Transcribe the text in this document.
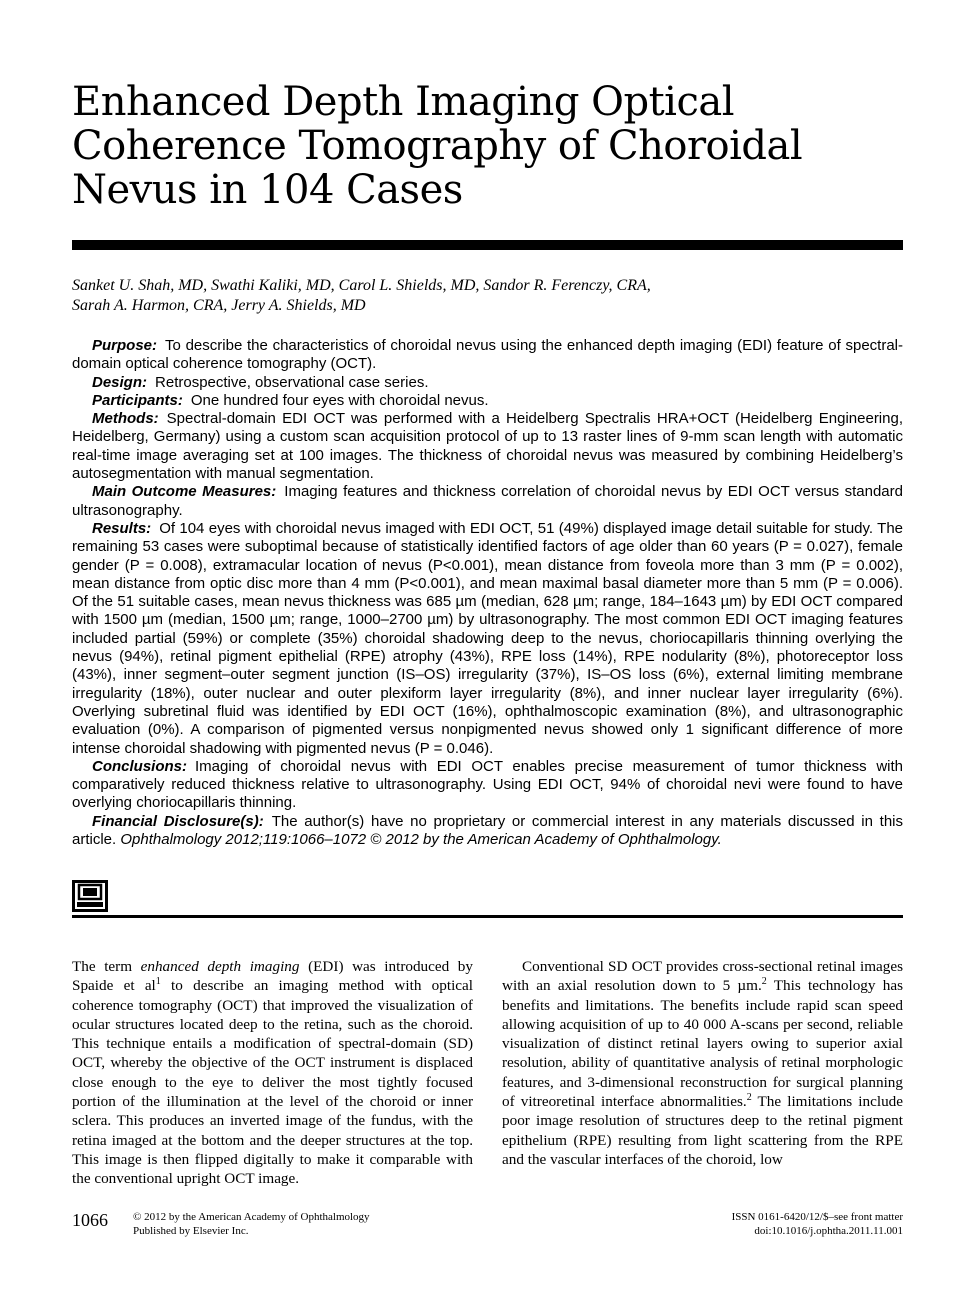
Enhanced Depth Imaging Optical Coherence Tomography of Choroidal Nevus in 104 Cases
Sanket U. Shah, MD, Swathi Kaliki, MD, Carol L. Shields, MD, Sandor R. Ferenczy, CRA,
Sarah A. Harmon, CRA, Jerry A. Shields, MD

Purpose: To describe the characteristics of choroidal nevus using the enhanced depth imaging (EDI) feature of spectral-domain optical coherence tomography (OCT).

Design: Retrospective, observational case series.

Participants: One hundred four eyes with choroidal nevus.

Methods: Spectral-domain EDI OCT was performed with a Heidelberg Spectralis HRA+OCT (Heidelberg Engineering, Heidelberg, Germany) using a custom scan acquisition protocol of up to 13 raster lines of 9-mm scan length with automatic real-time image averaging set at 100 images. The thickness of choroidal nevus was measured by combining Heidelberg’s autosegmentation with manual segmentation.

Main Outcome Measures: Imaging features and thickness correlation of choroidal nevus by EDI OCT versus standard ultrasonography.

Results: Of 104 eyes with choroidal nevus imaged with EDI OCT, 51 (49%) displayed image detail suitable for study. The remaining 53 cases were suboptimal because of statistically identified factors of age older than 60 years (P = 0.027), female gender (P = 0.008), extramacular location of nevus (P<0.001), mean distance from foveola more than 3 mm (P = 0.002), mean distance from optic disc more than 4 mm (P<0.001), and mean maximal basal diameter more than 5 mm (P = 0.006). Of the 51 suitable cases, mean nevus thickness was 685 µm (median, 628 µm; range, 184–1643 µm) by EDI OCT compared with 1500 µm (median, 1500 µm; range, 1000–2700 µm) by ultrasonography. The most common EDI OCT imaging features included partial (59%) or complete (35%) choroidal shadowing deep to the nevus, choriocapillaris thinning overlying the nevus (94%), retinal pigment epithelial (RPE) atrophy (43%), RPE loss (14%), RPE nodularity (8%), photoreceptor loss (43%), inner segment–outer segment junction (IS–OS) irregularity (37%), IS–OS loss (6%), external limiting membrane irregularity (18%), outer nuclear and outer plexiform layer irregularity (8%), and inner nuclear layer irregularity (6%). Overlying subretinal fluid was identified by EDI OCT (16%), ophthalmoscopic examination (8%), and ultrasonographic evaluation (0%). A comparison of pigmented versus nonpigmented nevus showed only 1 significant difference of more intense choroidal shadowing with pigmented nevus (P = 0.046).

Conclusions: Imaging of choroidal nevus with EDI OCT enables precise measurement of tumor thickness with comparatively reduced thickness relative to ultrasonography. Using EDI OCT, 94% of choroidal nevi were found to have overlying choriocapillaris thinning.

Financial Disclosure(s): The author(s) have no proprietary or commercial interest in any materials discussed in this article. Ophthalmology 2012;119:1066–1072 © 2012 by the American Academy of Ophthalmology.

The term enhanced depth imaging (EDI) was introduced by Spaide et $al^1$ to describe an imaging method with optical coherence tomography (OCT) that improved the visualization of ocular structures located deep to the retina, such as the choroid. This technique entails a modification of spectral-domain (SD) OCT, whereby the objective of the OCT instrument is displaced close enough to the eye to deliver the most tightly focused portion of the illumination at the level of the choroid or inner sclera. This produces an inverted image of the fundus, with the retina imaged at the bottom and the deeper structures at the top. This image is then flipped digitally to make it comparable with the conventional upright OCT image.

Conventional SD OCT provides cross-sectional retinal images with an axial resolution down to 5 µm.$^2$ This technology has benefits and limitations. The benefits include rapid scan speed allowing acquisition of up to 40 000 A-scans per second, reliable visualization of distinct retinal layers owing to superior axial resolution, ability of quantitative analysis of retinal morphologic features, and 3-dimensional reconstruction for surgical planning of vitreoretinal interface abnormalities.$^2$ The limitations include poor image resolution of structures deep to the retinal pigment epithelium (RPE) resulting from light scattering from the RPE and the vascular interfaces of the choroid, low

1066 © 2012 by the American Academy of Ophthalmology
Published by Elsevier Inc.
ISSN 0161-6420/12/$–see front matter
doi:10.1016/j.ophtha.2011.11.001
